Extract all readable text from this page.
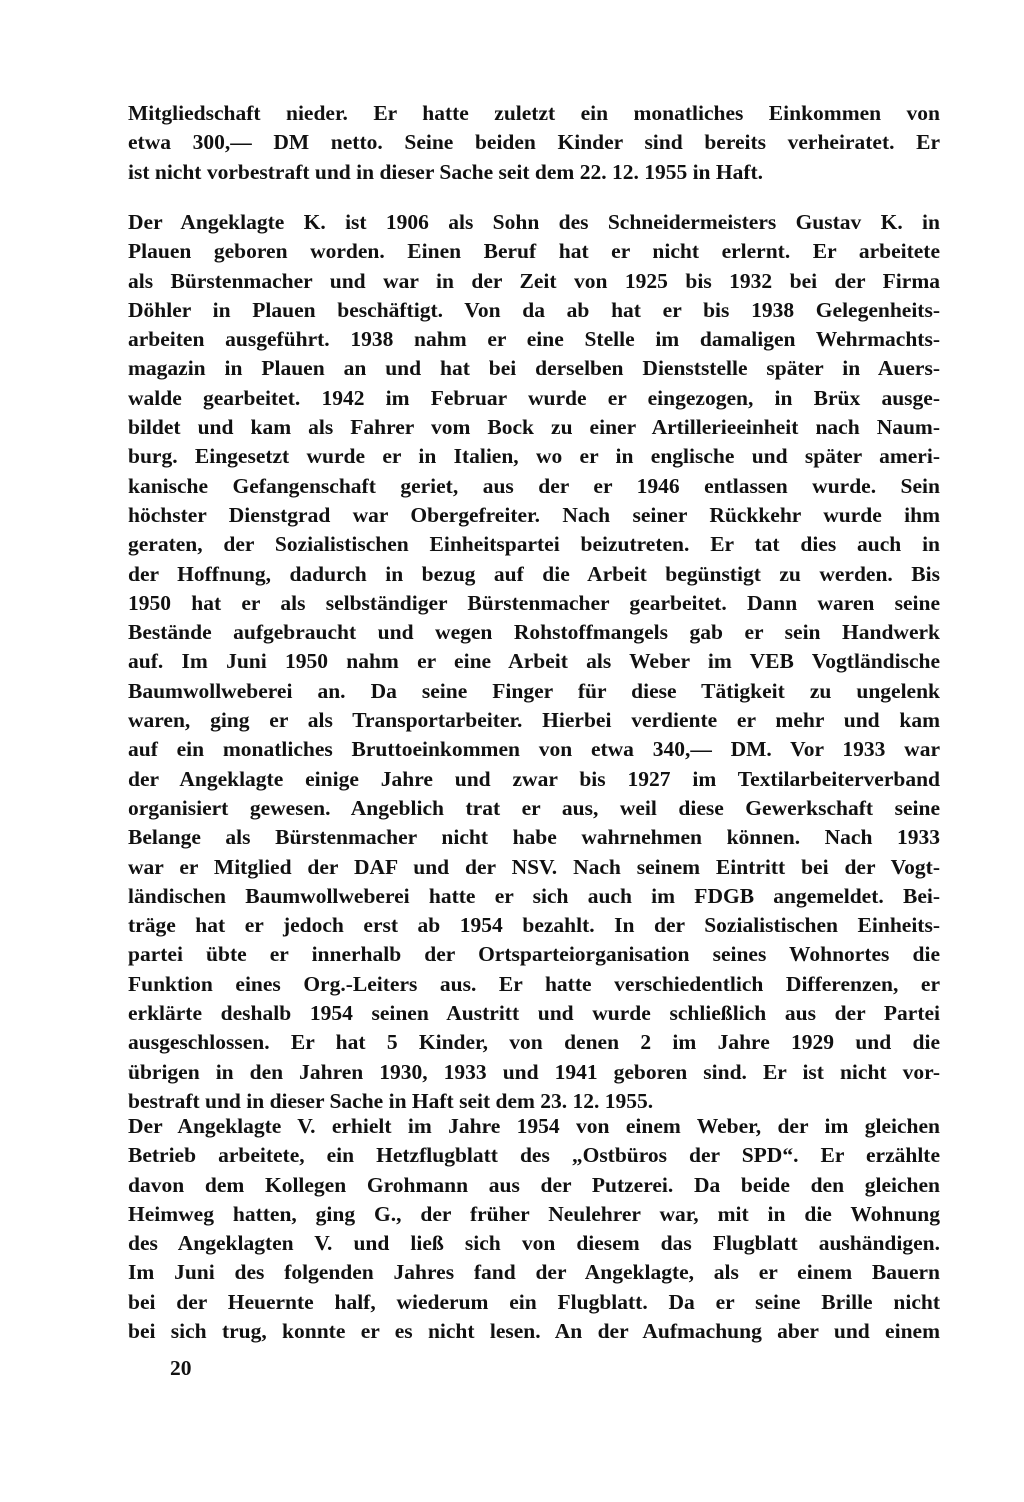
Mitgliedschaft nieder. Er hatte zuletzt ein monatliches Einkommen von
etwa 300,— DM netto. Seine beiden Kinder sind bereits verheiratet. Er
ist nicht vorbestraft und in dieser Sache seit dem 22. 12. 1955 in Haft.
Der Angeklagte K. ist 1906 als Sohn des Schneidermeisters Gustav K. in
Plauen geboren worden. Einen Beruf hat er nicht erlernt. Er arbeitete
als Bürstenmacher und war in der Zeit von 1925 bis 1932 bei der Firma
Döhler in Plauen beschäftigt. Von da ab hat er bis 1938 Gelegenheits-
arbeiten ausgeführt. 1938 nahm er eine Stelle im damaligen Wehrmachts-
magazin in Plauen an und hat bei derselben Dienststelle später in Auers-
walde gearbeitet. 1942 im Februar wurde er eingezogen, in Brüx ausge-
bildet und kam als Fahrer vom Bock zu einer Artillerieeinheit nach Naum-
burg. Eingesetzt wurde er in Italien, wo er in englische und später ameri-
kanische Gefangenschaft geriet, aus der er 1946 entlassen wurde. Sein
höchster Dienstgrad war Obergefreiter. Nach seiner Rückkehr wurde ihm
geraten, der Sozialistischen Einheitspartei beizutreten. Er tat dies auch in
der Hoffnung, dadurch in bezug auf die Arbeit begünstigt zu werden. Bis
1950 hat er als selbständiger Bürstenmacher gearbeitet. Dann waren seine
Bestände aufgebraucht und wegen Rohstoffmangels gab er sein Handwerk
auf. Im Juni 1950 nahm er eine Arbeit als Weber im VEB Vogtländische
Baumwollweberei an. Da seine Finger für diese Tätigkeit zu ungelenk
waren, ging er als Transportarbeiter. Hierbei verdiente er mehr und kam
auf ein monatliches Bruttoeinkommen von etwa 340,— DM. Vor 1933 war
der Angeklagte einige Jahre und zwar bis 1927 im Textilarbeiterverband
organisiert gewesen. Angeblich trat er aus, weil diese Gewerkschaft seine
Belange als Bürstenmacher nicht habe wahrnehmen können. Nach 1933
war er Mitglied der DAF und der NSV. Nach seinem Eintritt bei der Vogt-
ländischen Baumwollweberei hatte er sich auch im FDGB angemeldet. Bei-
träge hat er jedoch erst ab 1954 bezahlt. In der Sozialistischen Einheits-
partei übte er innerhalb der Ortsparteiorganisation seines Wohnortes die
Funktion eines Org.-Leiters aus. Er hatte verschiedentlich Differenzen, er
erklärte deshalb 1954 seinen Austritt und wurde schließlich aus der Partei
ausgeschlossen. Er hat 5 Kinder, von denen 2 im Jahre 1929 und die
übrigen in den Jahren 1930, 1933 und 1941 geboren sind. Er ist nicht vor-
bestraft und in dieser Sache in Haft seit dem 23. 12. 1955.
Der Angeklagte V. erhielt im Jahre 1954 von einem Weber, der im gleichen
Betrieb arbeitete, ein Hetzflugblatt des „Ostbüros der SPD“. Er erzählte
davon dem Kollegen Grohmann aus der Putzerei. Da beide den gleichen
Heimweg hatten, ging G., der früher Neulehrer war, mit in die Wohnung
des Angeklagten V. und ließ sich von diesem das Flugblatt aushändigen.
Im Juni des folgenden Jahres fand der Angeklagte, als er einem Bauern
bei der Heuernte half, wiederum ein Flugblatt. Da er seine Brille nicht
bei sich trug, konnte er es nicht lesen. An der Aufmachung aber und einem
20
